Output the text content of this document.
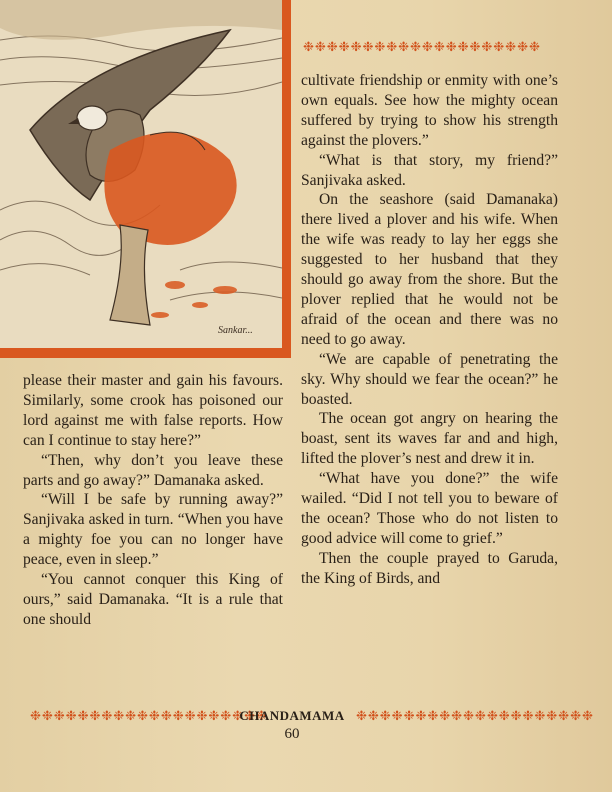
Sankar...
❉❉❉❉❉❉❉❉❉❉❉❉❉❉❉❉❉❉❉❉

please their master and gain his favours. Similarly, some crook has poisoned our lord against me with false reports. How can I continue to stay here?”

“Then, why don’t you leave these parts and go away?” Damanaka asked.

“Will I be safe by running away?” Sanjivaka asked in turn. “When you have a mighty foe you can no longer have peace, even in sleep.”

“You cannot conquer this King of ours,” said Damanaka. “It is a rule that one should

cultivate friendship or enmity with one’s own equals. See how the mighty ocean suffered by trying to show his strength against the plovers.”

“What is that story, my friend?” Sanjivaka asked.

On the seashore (said Damanaka) there lived a plover and his wife. When the wife was ready to lay her eggs she suggested to her husband that they should go away from the shore. But the plover replied that he would not be afraid of the ocean and there was no need to go away.

“We are capable of penetrating the sky. Why should we fear the ocean?” he boasted.

The ocean got angry on hearing the boast, sent its waves far and and high, lifted the plover’s nest and drew it in.

“What have you done?” the wife wailed. “Did I not tell you to beware of the ocean? Those who do not listen to good advice will come to grief.”

Then the couple prayed to Garuda, the King of Birds, and

❉❉❉❉❉❉❉❉❉❉❉❉❉❉❉❉❉❉❉❉
CHANDAMAMA ❉❉❉❉❉❉❉❉❉❉❉❉❉❉❉❉❉❉❉❉
60
